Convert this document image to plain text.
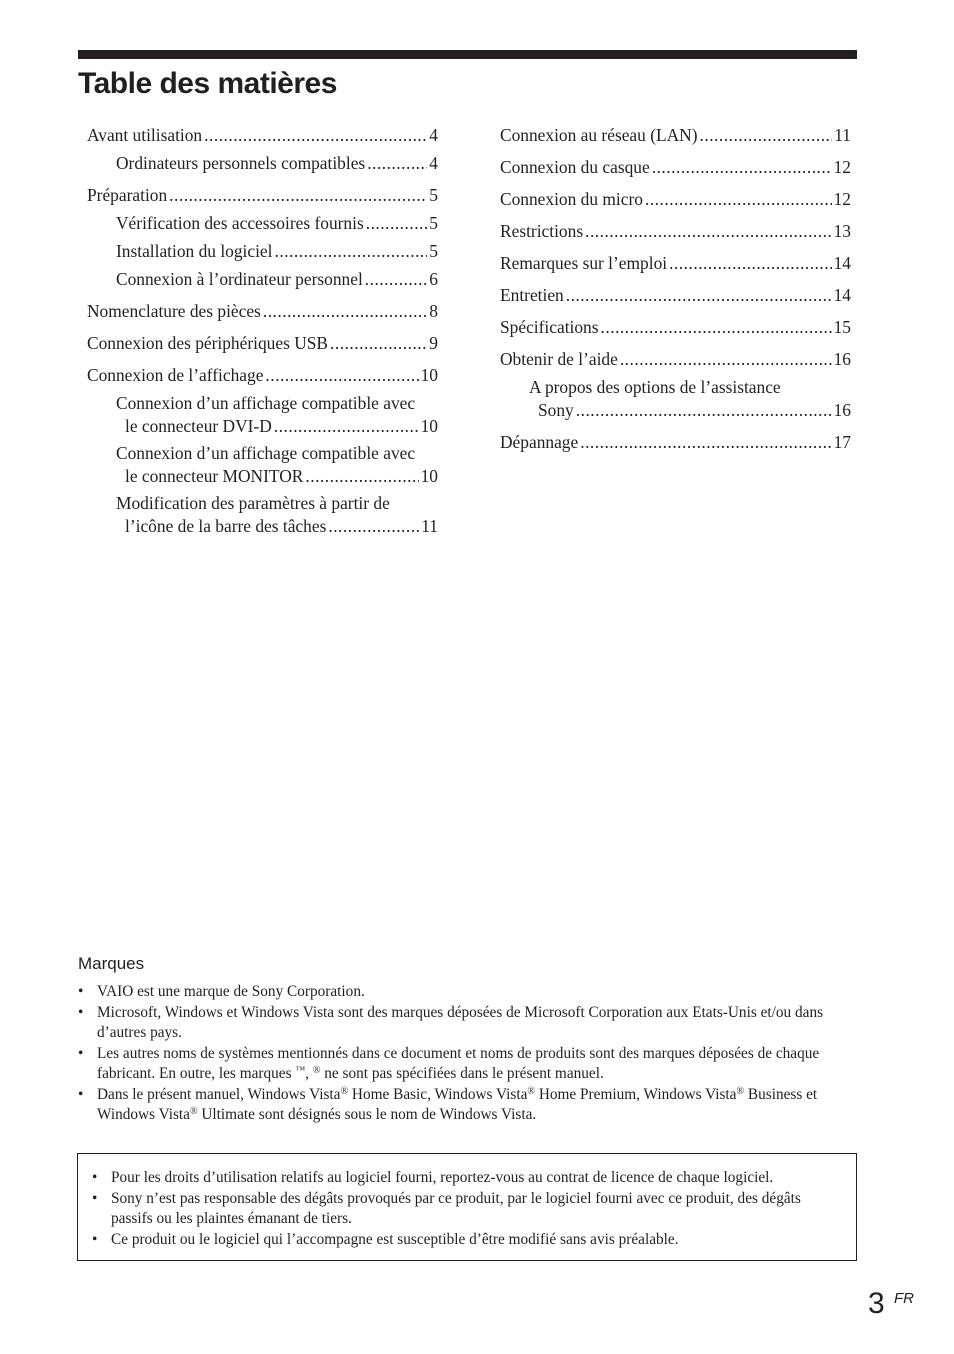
Table des matières
Avant utilisation .....	4
Ordinateurs personnels compatibles .....	4
Préparation .....	5
Vérification des accessoires fournis .....	5
Installation du logiciel .....	5
Connexion à l’ordinateur personnel .....	6
Nomenclature des pièces .....	8
Connexion des périphériques USB .....	9
Connexion de l’affichage .....	10
Connexion d’un affichage compatible avec
le connecteur DVI-D .....	10
Connexion d’un affichage compatible avec
le connecteur MONITOR .....	10
Modification des paramètres à partir de
l’icône de la barre des tâches .....	11
Connexion au réseau (LAN) .....	11
Connexion du casque .....	12
Connexion du micro .....	12
Restrictions .....	13
Remarques sur l’emploi .....	14
Entretien .....	14
Spécifications .....	15
Obtenir de l’aide .....	16
A propos des options de l’assistance
Sony .....	16
Dépannage .....	17
Marques
• VAIO est une marque de Sony Corporation.
• Microsoft, Windows et Windows Vista sont des marques déposées de Microsoft Corporation aux Etats-Unis et/ou dans d’autres pays.
• Les autres noms de systèmes mentionnés dans ce document et noms de produits sont des marques déposées de chaque fabricant. En outre, les marques ™, ® ne sont pas spécifiées dans le présent manuel.
• Dans le présent manuel, Windows Vista® Home Basic, Windows Vista® Home Premium, Windows Vista® Business et Windows Vista® Ultimate sont désignés sous le nom de Windows Vista.
• Pour les droits d’utilisation relatifs au logiciel fourni, reportez-vous au contrat de licence de chaque logiciel.
• Sony n’est pas responsable des dégâts provoqués par ce produit, par le logiciel fourni avec ce produit, des dégâts passifs ou les plaintes émanant de tiers.
• Ce produit ou le logiciel qui l’accompagne est susceptible d’être modifié sans avis préalable.
3 FR
